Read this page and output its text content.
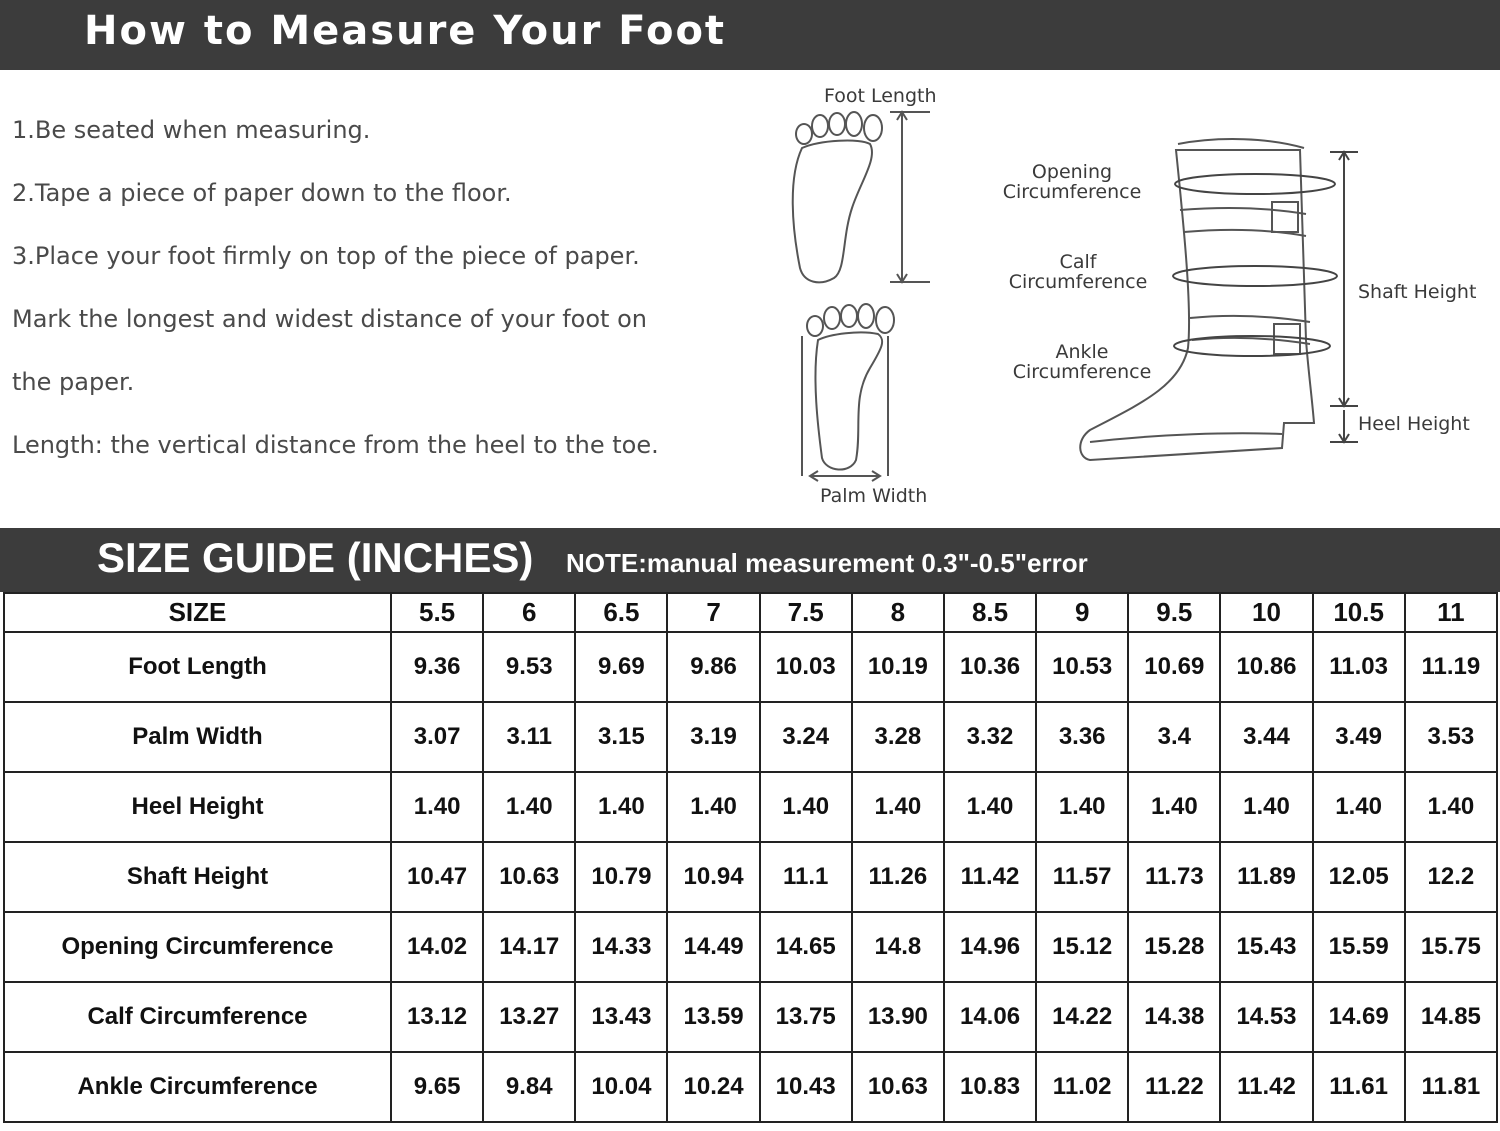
How to Measure Your Foot

1.Be seated when measuring.

2.Tape a piece of paper down to the floor.

3.Place your foot firmly on top of the piece of paper.

Mark the longest and widest distance of your foot on

the paper.

Length: the vertical distance from the heel to the toe.

Foot Length
Palm Width
Opening
Circumference
Calf
Circumference
Ankle
Circumference
Shaft Height
Heel Height
SIZE GUIDE (INCHES) NOTE:manual measurement 0.3"-0.5"error
SIZE	5.5	6	6.5	7	7.5	8	8.5	9	9.5	10	10.5	11
Foot Length	9.36	9.53	9.69	9.86	10.03	10.19	10.36	10.53	10.69	10.86	11.03	11.19
Palm Width	3.07	3.11	3.15	3.19	3.24	3.28	3.32	3.36	3.4	3.44	3.49	3.53
Heel Height	1.40	1.40	1.40	1.40	1.40	1.40	1.40	1.40	1.40	1.40	1.40	1.40
Shaft Height	10.47	10.63	10.79	10.94	11.1	11.26	11.42	11.57	11.73	11.89	12.05	12.2
Opening Circumference	14.02	14.17	14.33	14.49	14.65	14.8	14.96	15.12	15.28	15.43	15.59	15.75
Calf Circumference	13.12	13.27	13.43	13.59	13.75	13.90	14.06	14.22	14.38	14.53	14.69	14.85
Ankle Circumference	9.65	9.84	10.04	10.24	10.43	10.63	10.83	11.02	11.22	11.42	11.61	11.81
